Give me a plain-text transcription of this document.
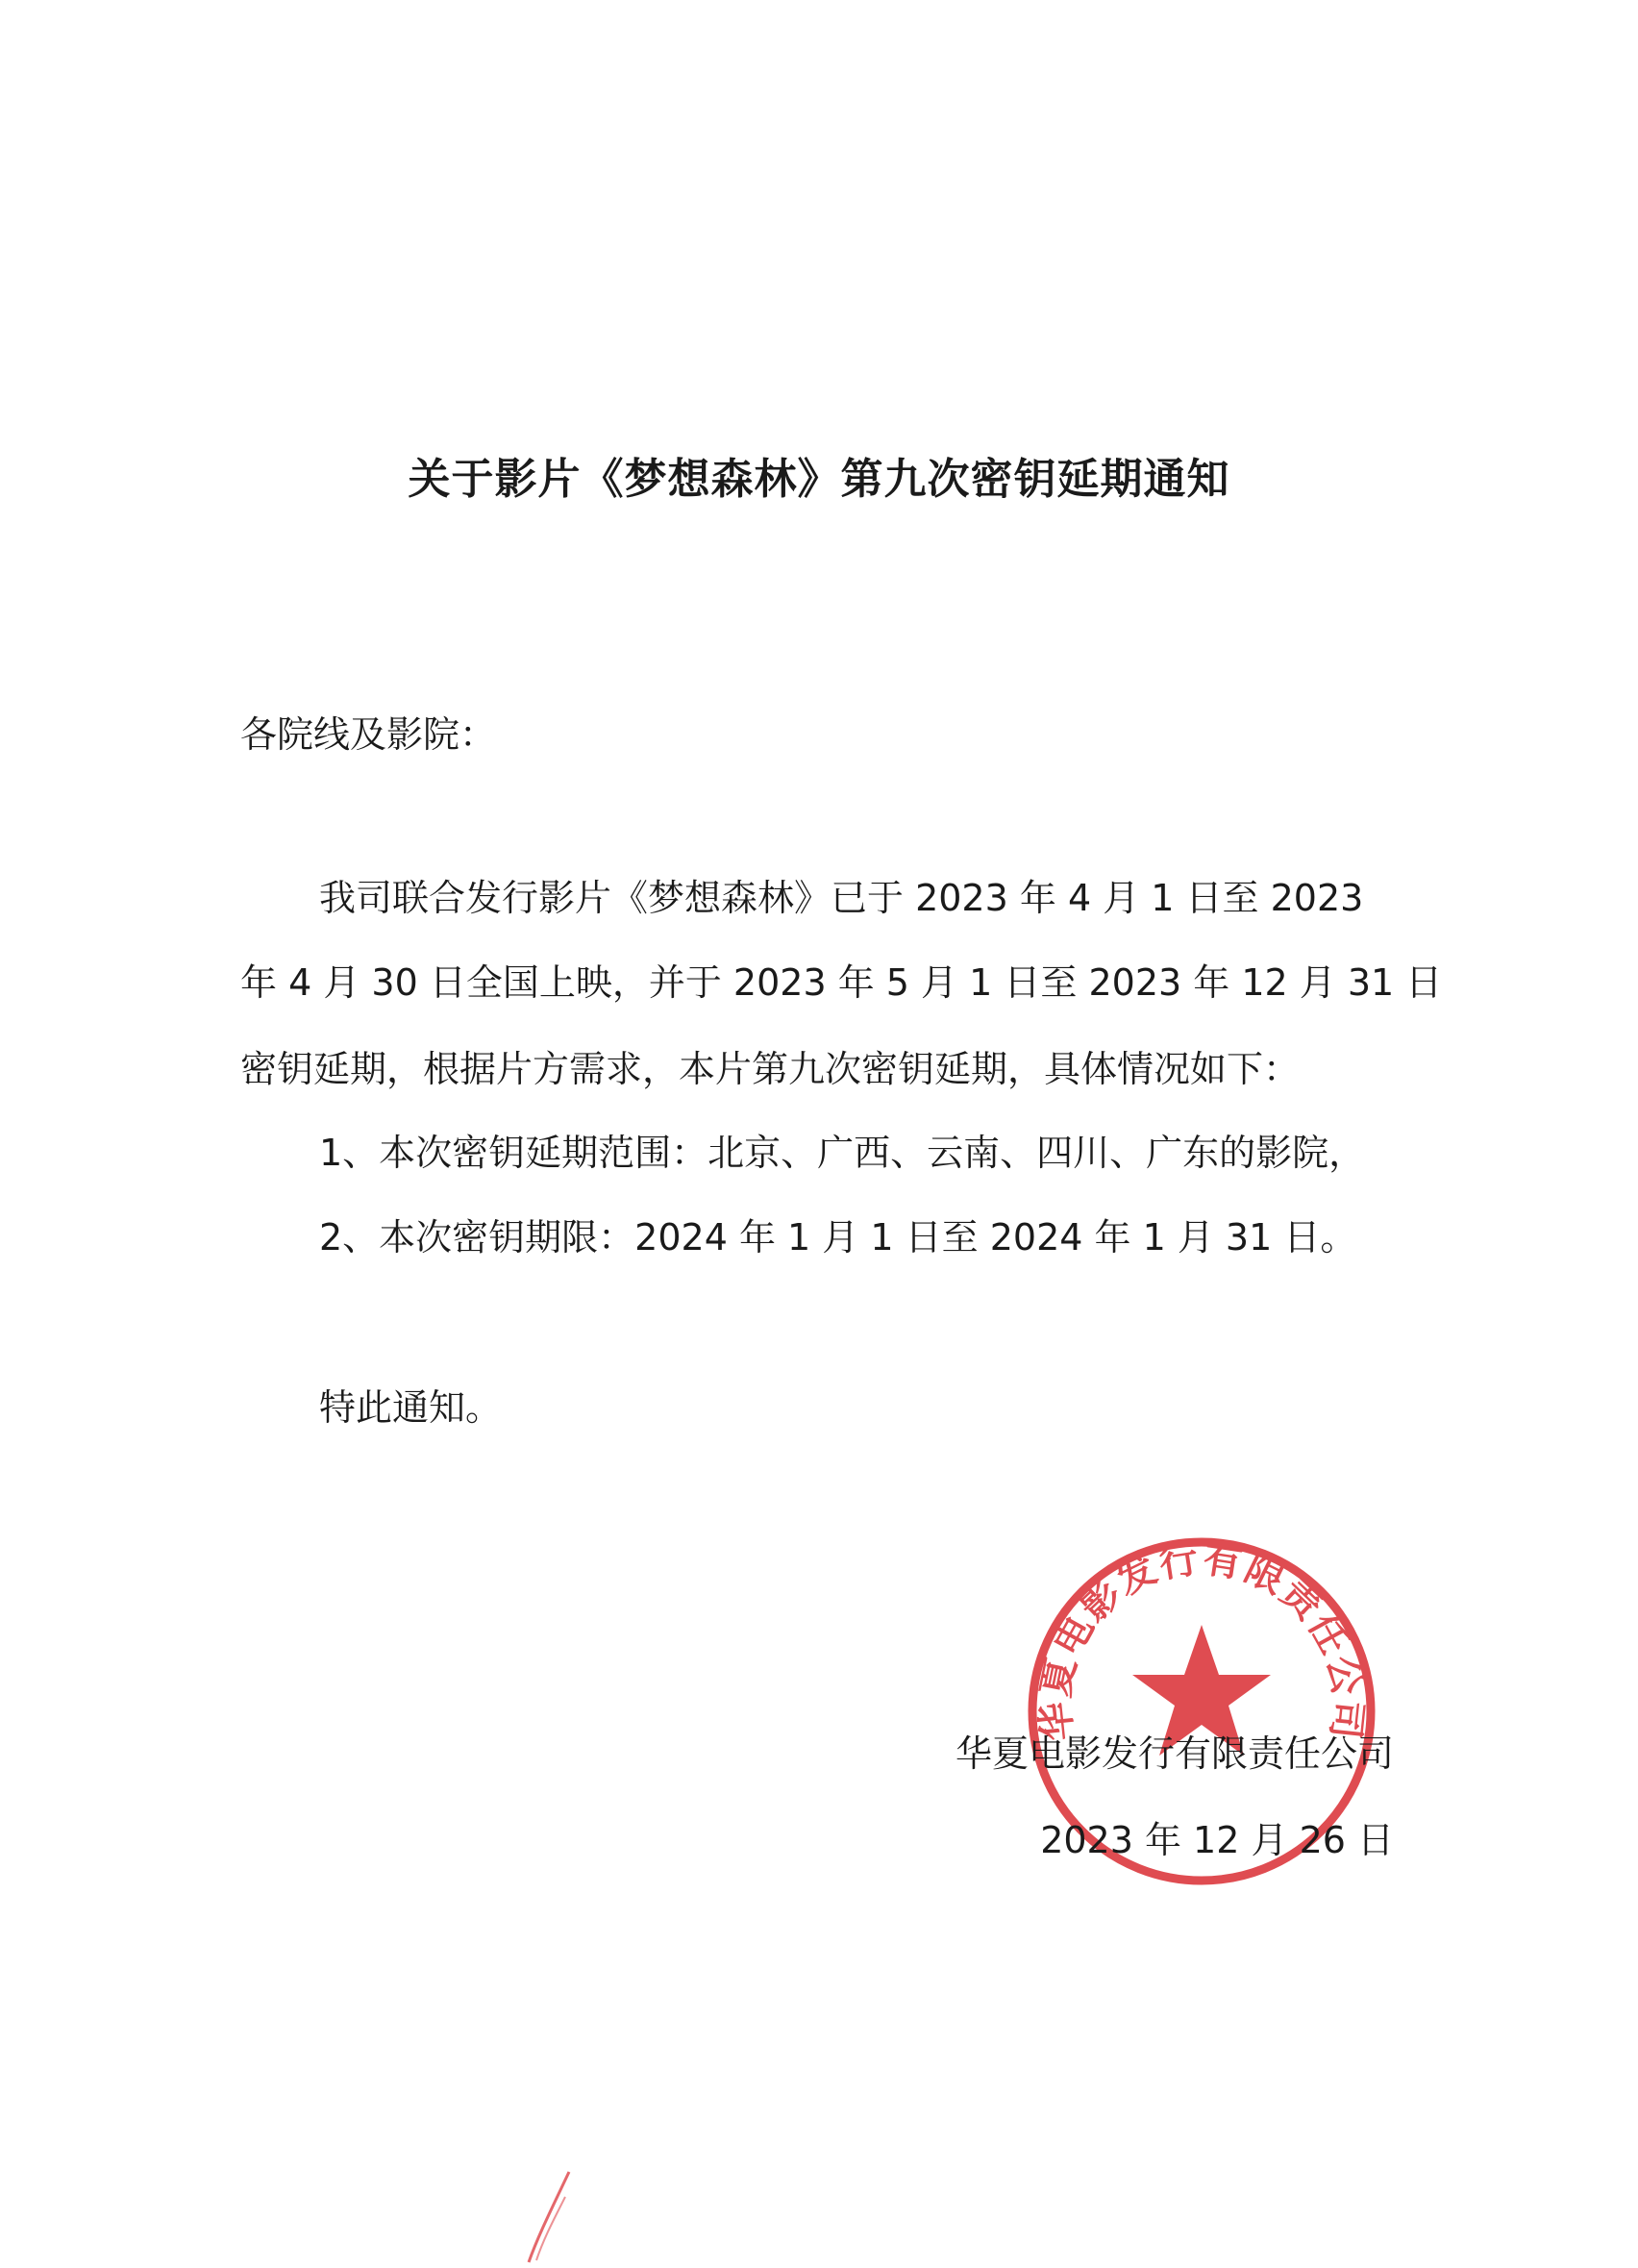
关于影片《梦想森林》第九次密钥延期通知
各院线及影院：
我司联合发行影片《梦想森林》已于 2023 年 4 月 1 日至 2023
年 4 月 30 日全国上映，并于 2023 年 5 月 1 日至 2023 年 12 月 31 日
密钥延期，根据片方需求，本片第九次密钥延期，具体情况如下：
1、本次密钥延期范围：北京、广西、云南、四川、广东的影院，
2、本次密钥期限：2024 年 1 月 1 日至 2024 年 1 月 31 日。
特此通知。
华夏电影发行有限责任公司
华夏电影发行有限责任公司
2023 年 12 月 26 日
